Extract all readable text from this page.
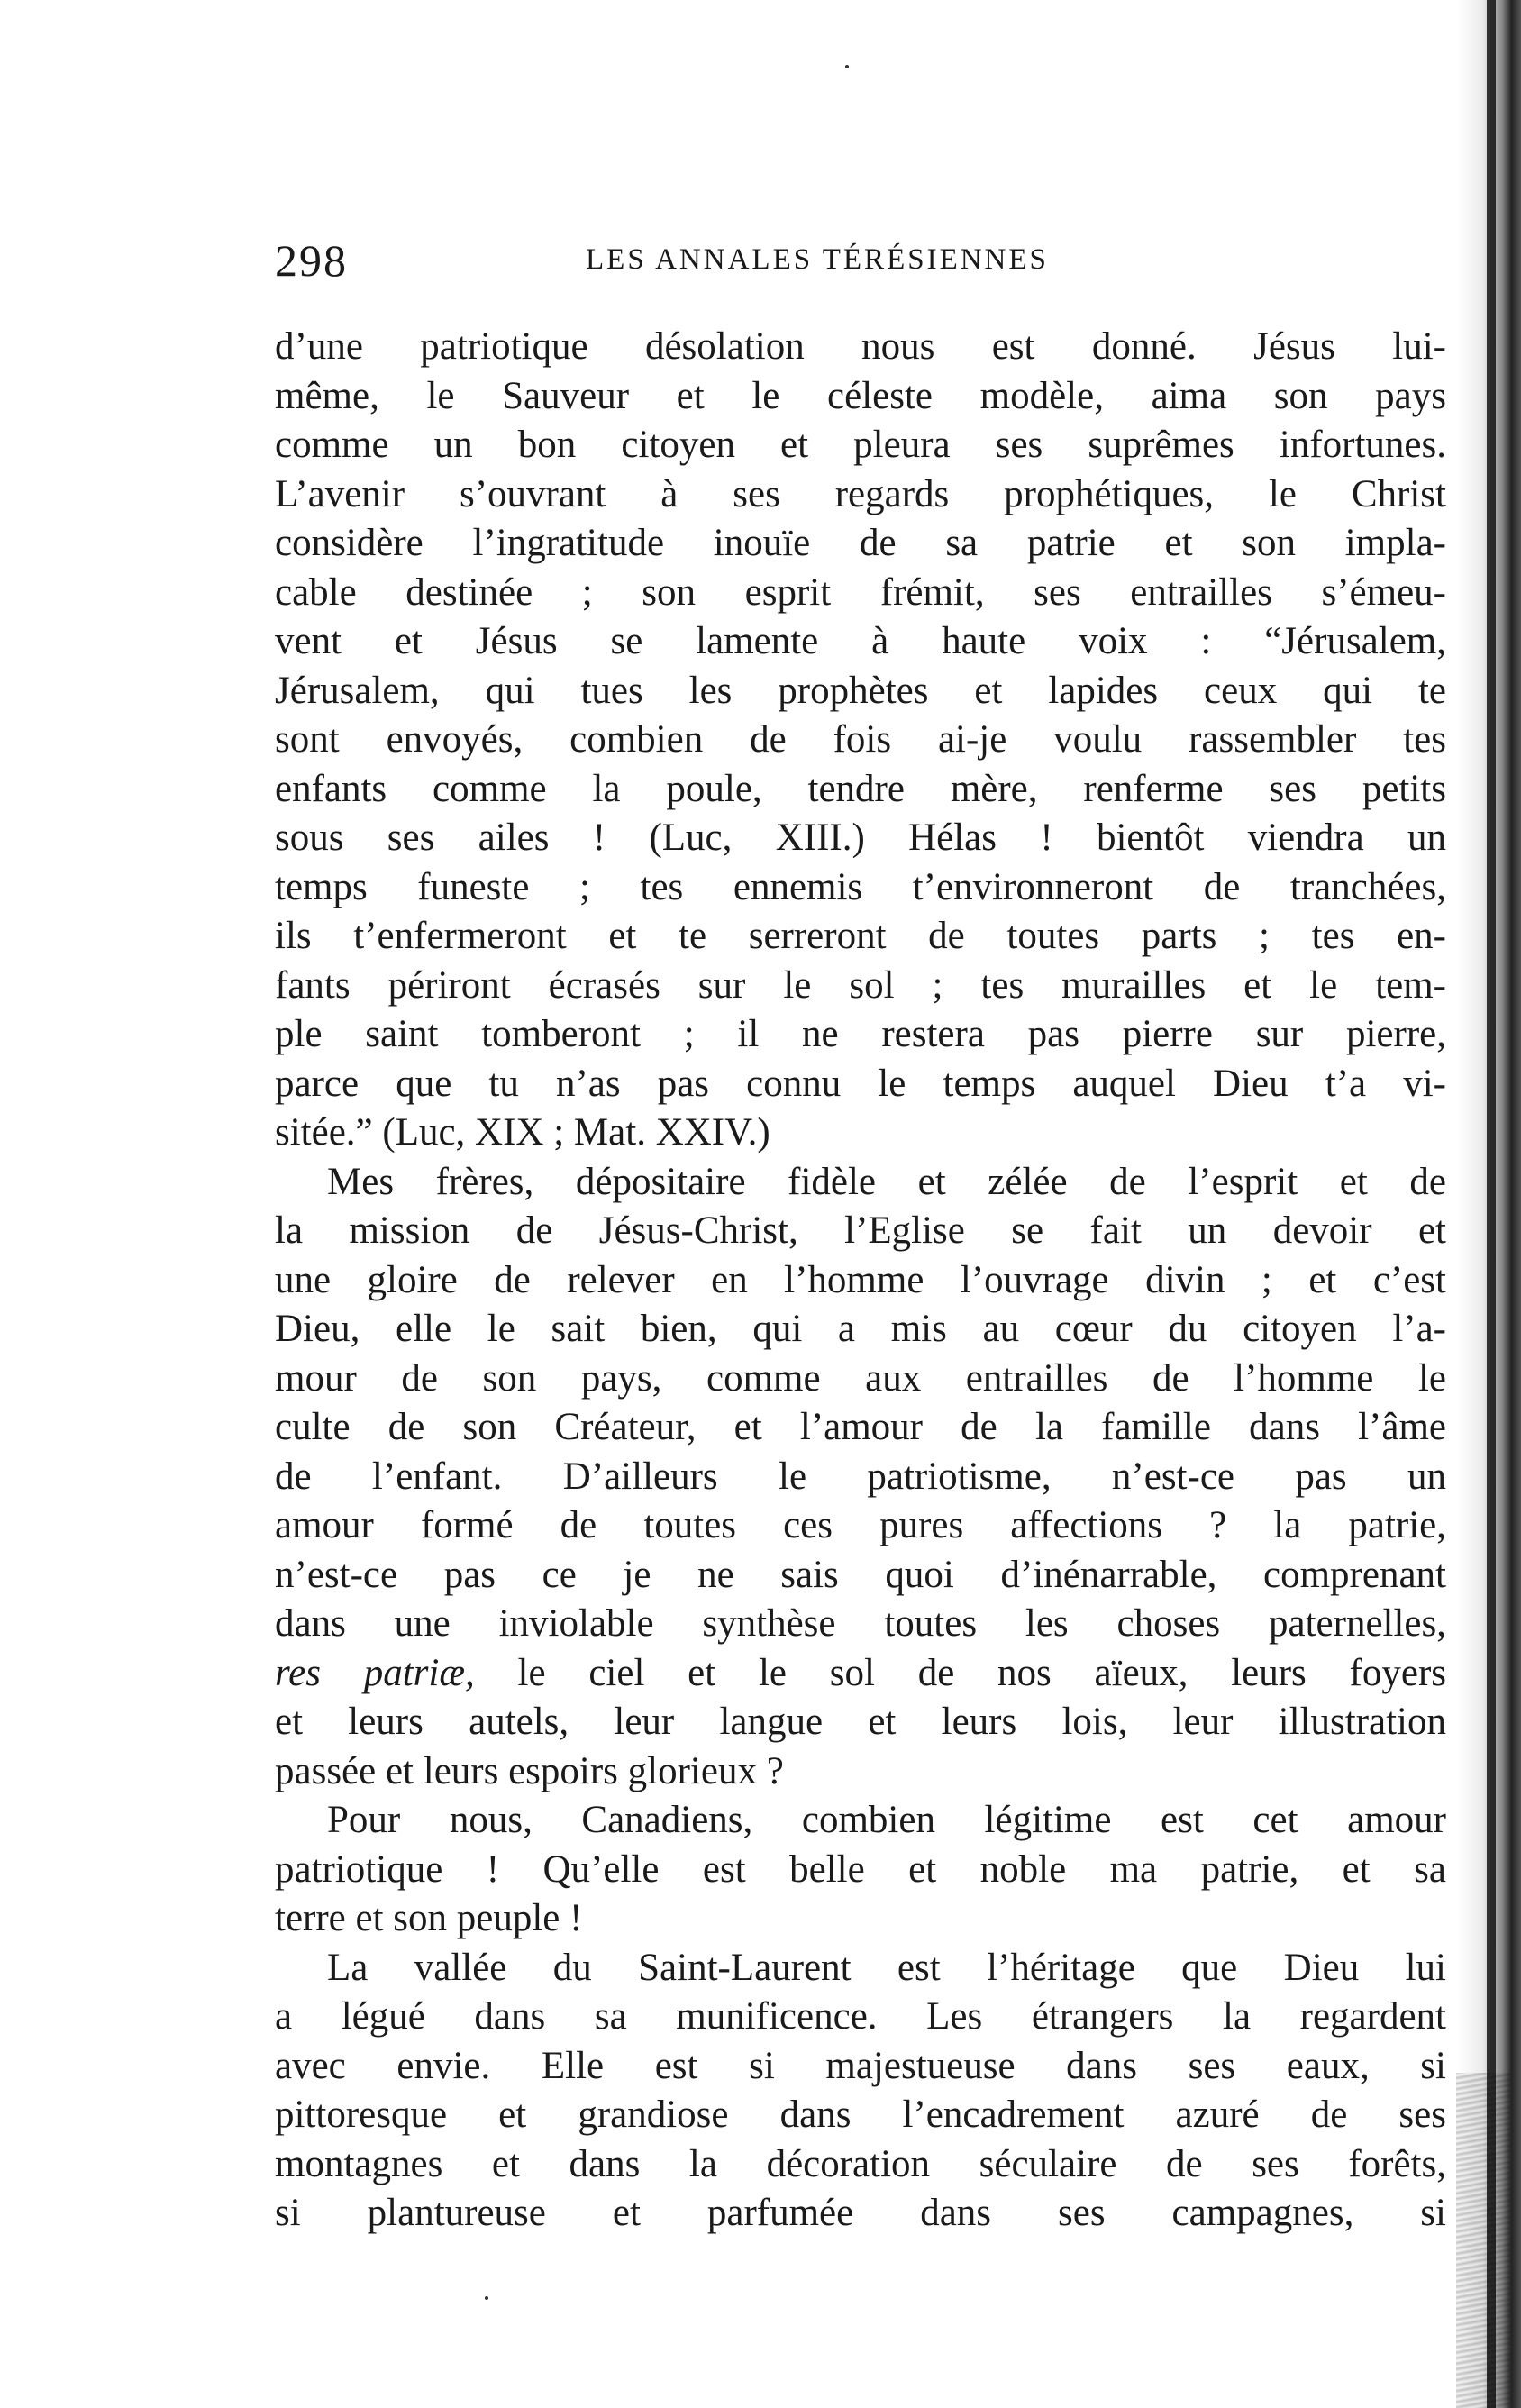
298	LES ANNALES TÉRÉSIENNES
d’une patriotique désolation nous est donné. Jésus lui-
même, le Sauveur et le céleste modèle, aima son pays
comme un bon citoyen et pleura ses suprêmes infortunes.
L’avenir s’ouvrant à ses regards prophétiques, le Christ
considère l’ingratitude inouïe de sa patrie et son impla-
cable destinée ; son esprit frémit, ses entrailles s’émeu-
vent et Jésus se lamente à haute voix : “Jérusalem,
Jérusalem, qui tues les prophètes et lapides ceux qui te
sont envoyés, combien de fois ai-je voulu rassembler tes
enfants comme la poule, tendre mère, renferme ses petits
sous ses ailes ! (Luc, XIII.) Hélas ! bientôt viendra un
temps funeste ; tes ennemis t’environneront de tranchées,
ils t’enfermeront et te serreront de toutes parts ; tes en-
fants périront écrasés sur le sol ; tes murailles et le tem-
ple saint tomberont ; il ne restera pas pierre sur pierre,
parce que tu n’as pas connu le temps auquel Dieu t’a vi-
sitée.” (Luc, XIX ; Mat. XXIV.)
Mes frères, dépositaire fidèle et zélée de l’esprit et de
la mission de Jésus-Christ, l’Eglise se fait un devoir et
une gloire de relever en l’homme l’ouvrage divin ; et c’est
Dieu, elle le sait bien, qui a mis au cœur du citoyen l’a-
mour de son pays, comme aux entrailles de l’homme le
culte de son Créateur, et l’amour de la famille dans l’âme
de l’enfant. D’ailleurs le patriotisme, n’est-ce pas un
amour formé de toutes ces pures affections ? la patrie,
n’est-ce pas ce je ne sais quoi d’inénarrable, comprenant
dans une inviolable synthèse toutes les choses paternelles,
res patriæ, le ciel et le sol de nos aïeux, leurs foyers
et leurs autels, leur langue et leurs lois, leur illustration
passée et leurs espoirs glorieux ?
Pour nous, Canadiens, combien légitime est cet amour
patriotique ! Qu’elle est belle et noble ma patrie, et sa
terre et son peuple !
La vallée du Saint-Laurent est l’héritage que Dieu lui
a légué dans sa munificence. Les étrangers la regardent
avec envie. Elle est si majestueuse dans ses eaux, si
pittoresque et grandiose dans l’encadrement azuré de ses
montagnes et dans la décoration séculaire de ses forêts,
si plantureuse et parfumée dans ses campagnes, si
